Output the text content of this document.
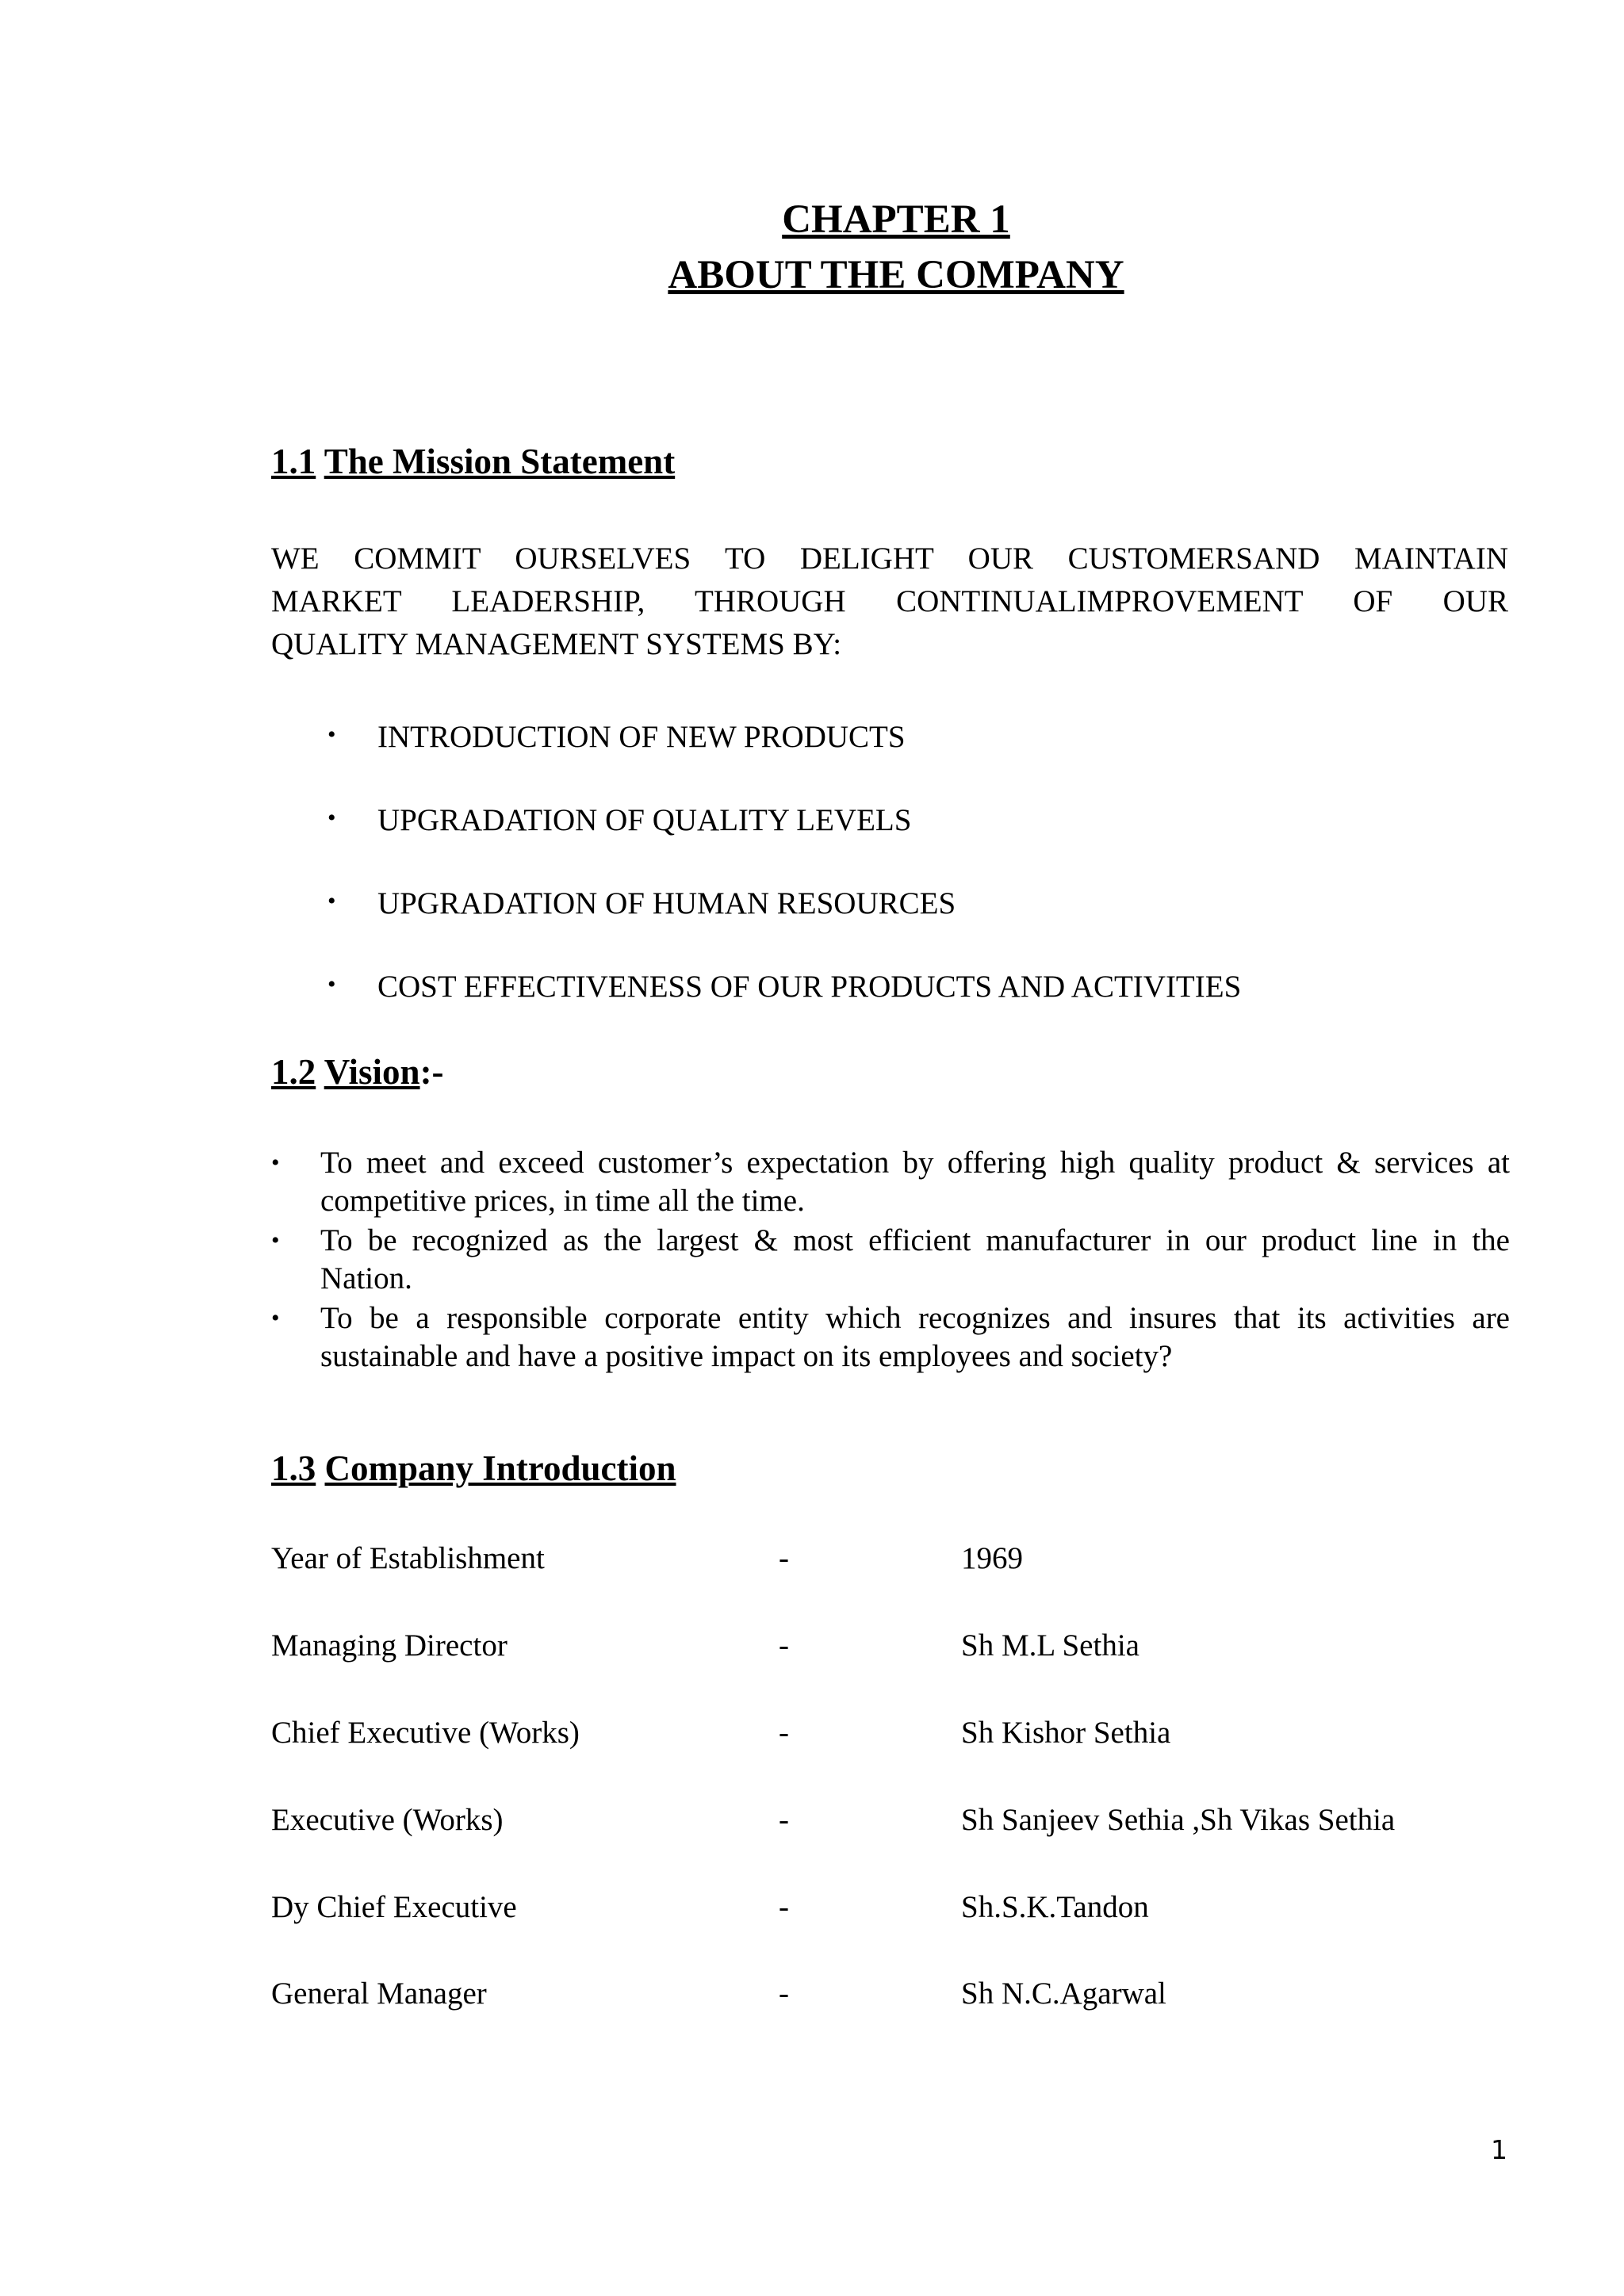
CHAPTER 1
ABOUT THE COMPANY
1.1 The Mission Statement
WE COMMIT OURSELVES TO DELIGHT OUR CUSTOMERSAND MAINTAIN
MARKET LEADERSHIP, THROUGH CONTINUALIMPROVEMENT OF OUR
QUALITY MANAGEMENT SYSTEMS BY:
• INTRODUCTION OF NEW PRODUCTS
• UPGRADATION OF QUALITY LEVELS
• UPGRADATION OF HUMAN RESOURCES
• COST EFFECTIVENESS OF OUR PRODUCTS AND ACTIVITIES
1.2 Vision:-
• To meet and exceed customer’s expectation by offering high quality product & services at
competitive prices, in time all the time.
• To be recognized as the largest & most efficient manufacturer in our product line in the
Nation.
• To be a responsible corporate entity which recognizes and insures that its activities are
sustainable and have a positive impact on its employees and society?
1.3 Company Introduction
Year of Establishment	-	1969
Managing Director	-	Sh M.L Sethia
Chief Executive (Works)	-	Sh Kishor Sethia
Executive (Works)	-	Sh Sanjeev Sethia ,Sh Vikas Sethia
Dy Chief Executive	-	Sh.S.K.Tandon
General Manager	-	Sh N.C.Agarwal
1
